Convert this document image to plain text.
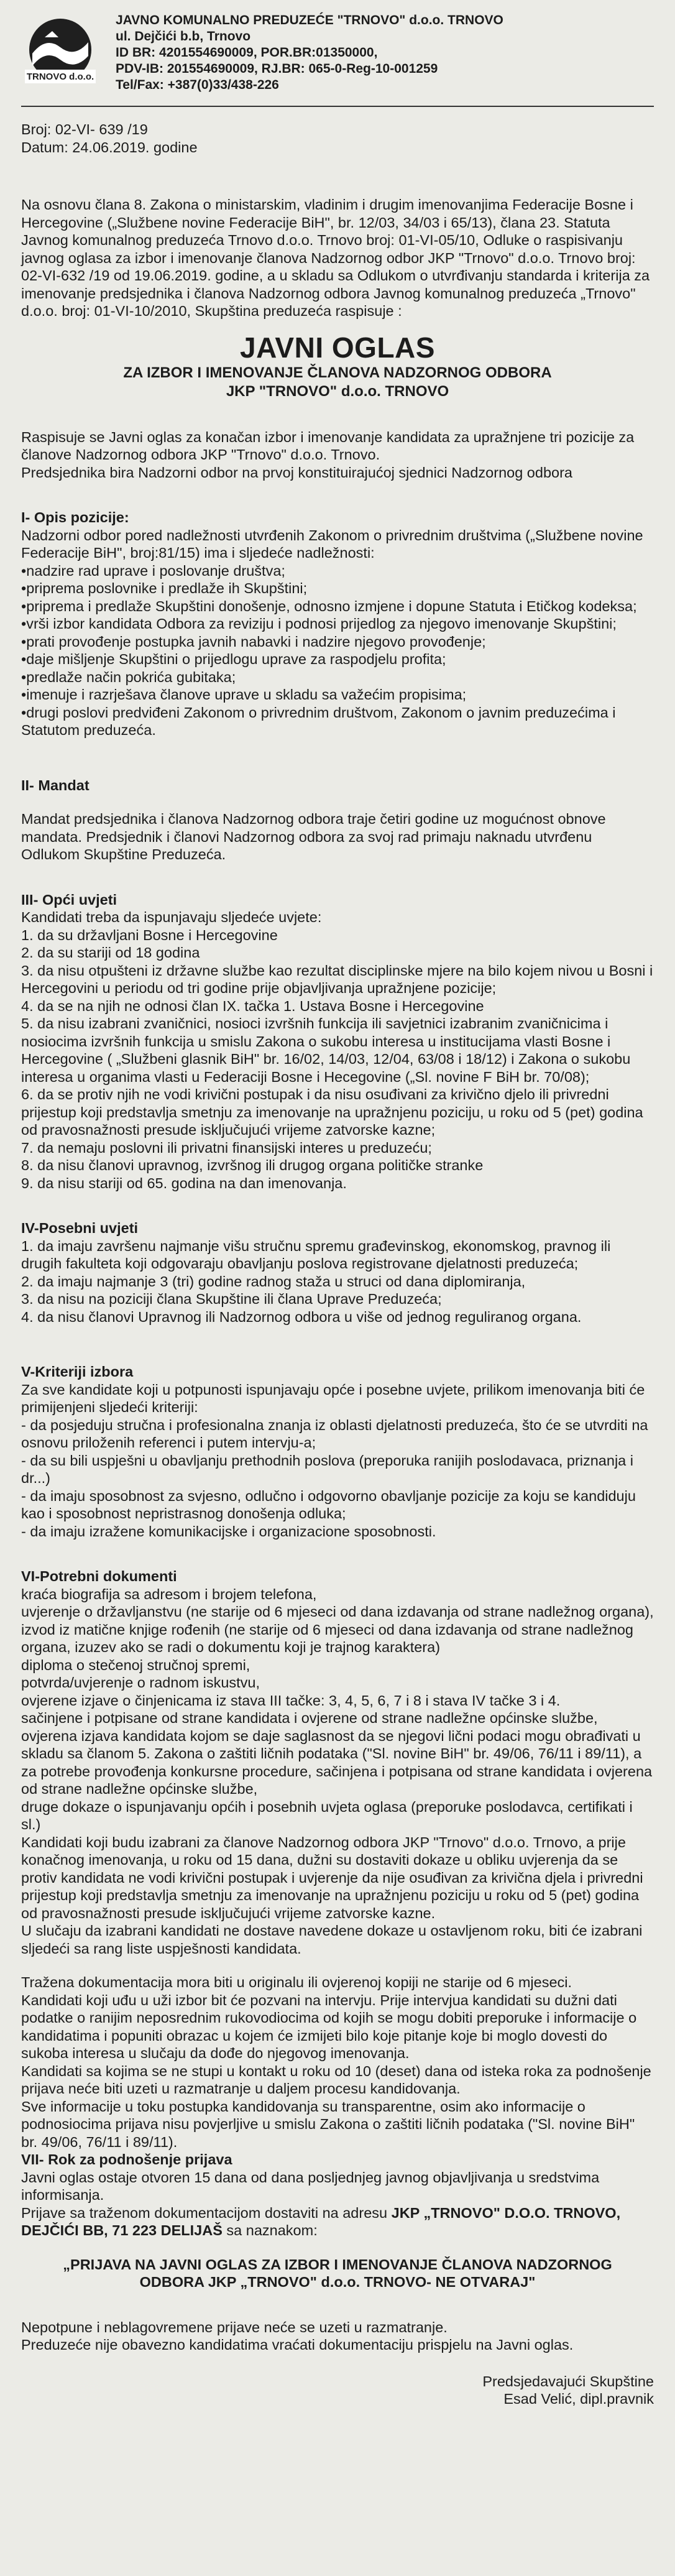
TRNOVO d.o.o.
JAVNO KOMUNALNO PREDUZEĆE "TRNOVO" d.o.o. TRNOVO
ul. Dejčići b.b, Trnovo
ID BR: 4201554690009, POR.BR:01350000,
PDV-IB: 201554690009, RJ.BR: 065-0-Reg-10-001259
Tel/Fax: +387(0)33/438-226
Broj: 02-VI- 639 /19
Datum: 24.06.2019. godine

Na osnovu člana 8. Zakona o ministarskim, vladinim i drugim imenovanjima Federacije Bosne i Hercegovine („Službene novine Federacije BiH", br. 12/03, 34/03 i 65/13), člana 23. Statuta Javnog komunalnog preduzeća Trnovo d.o.o. Trnovo broj: 01-VI-05/10, Odluke o raspisivanju javnog oglasa za izbor i imenovanje članova Nadzornog odbor JKP "Trnovo" d.o.o. Trnovo broj: 02-VI-632 /19 od 19.06.2019. godine, a u skladu sa Odlukom o utvrđivanju standarda i kriterija za imenovanje predsjednika i članova Nadzornog odbora Javnog komunalnog preduzeća „Trnovo" d.o.o. broj: 01-VI-10/2010, Skupština preduzeća raspisuje :

JAVNI OGLAS
ZA IZBOR I IMENOVANJE ČLANOVA NADZORNOG ODBORA
JKP "TRNOVO" d.o.o. TRNOVO

Raspisuje se Javni oglas za konačan izbor i imenovanje kandidata za upražnjene tri pozicije za članove Nadzornog odbora JKP "Trnovo" d.o.o. Trnovo.
Predsjednika bira Nadzorni odbor na prvoj konstituirajućoj sjednici Nadzornog odbora

I- Opis pozicije:

Nadzorni odbor pored nadležnosti utvrđenih Zakonom o privrednim društvima („Službene novine Federacije BiH", broj:81/15) ima i sljedeće nadležnosti:
•nadzire rad uprave i poslovanje društva;
•priprema poslovnike i predlaže ih Skupštini;
•priprema i predlaže Skupštini donošenje, odnosno izmjene i dopune Statuta i Etičkog kodeksa;
•vrši izbor kandidata Odbora za reviziju i podnosi prijedlog za njegovo imenovanje Skupštini;
•prati provođenje postupka javnih nabavki i nadzire njegovo provođenje;
•daje mišljenje Skupštini o prijedlogu uprave za raspodjelu profita;
•predlaže način pokrića gubitaka;
•imenuje i razrješava članove uprave u skladu sa važećim propisima;
•drugi poslovi predviđeni Zakonom o privrednim društvom, Zakonom o javnim preduzećima i Statutom preduzeća.

II- Mandat

Mandat predsjednika i članova Nadzornog odbora traje četiri godine uz mogućnost obnove mandata. Predsjednik i članovi Nadzornog odbora za svoj rad primaju naknadu utvrđenu Odlukom Skupštine Preduzeća.

III- Opći uvjeti

Kandidati treba da ispunjavaju sljedeće uvjete:
1. da su državljani Bosne i Hercegovine
2. da su stariji od 18 godina
3. da nisu otpušteni iz državne službe kao rezultat disciplinske mjere na bilo kojem nivou u Bosni i Hercegovini u periodu od tri godine prije objavljivanja upražnjene pozicije;
4. da se na njih ne odnosi član IX. tačka 1. Ustava Bosne i Hercegovine
5. da nisu izabrani zvaničnici, nosioci izvršnih funkcija ili savjetnici izabranim zvaničnicima i nosiocima izvršnih funkcija u smislu Zakona o sukobu interesa u institucijama vlasti Bosne i Hercegovine ( „Službeni glasnik BiH" br. 16/02, 14/03, 12/04, 63/08 i 18/12) i Zakona o sukobu interesa u organima vlasti u Federaciji Bosne i Hecegovine („Sl. novine F BiH br. 70/08);
6. da se protiv njih ne vodi krivični postupak i da nisu osuđivani za krivično djelo ili privredni prijestup koji predstavlja smetnju za imenovanje na upražnjenu poziciju, u roku od 5 (pet) godina od pravosnažnosti presude isključujući vrijeme zatvorske kazne;
7. da nemaju poslovni ili privatni finansijski interes u preduzeću;
8. da nisu članovi upravnog, izvršnog ili drugog organa političke stranke
9. da nisu stariji od 65. godina na dan imenovanja.

IV-Posebni uvjeti

1. da imaju završenu najmanje višu stručnu spremu građevinskog, ekonomskog, pravnog ili drugih fakulteta koji odgovaraju obavljanju poslova registrovane djelatnosti preduzeća;
2. da imaju najmanje 3 (tri) godine radnog staža u struci od dana diplomiranja,
3. da nisu na poziciji člana Skupštine ili člana Uprave Preduzeća;
4. da nisu članovi Upravnog ili Nadzornog odbora u više od jednog reguliranog organa.

V-Kriteriji izbora

Za sve kandidate koji u potpunosti ispunjavaju opće i posebne uvjete, prilikom imenovanja biti će primijenjeni sljedeći kriteriji:
- da posjeduju stručna i profesionalna znanja iz oblasti djelatnosti preduzeća, što će se utvrditi na osnovu priloženih referenci i putem intervju-a;
- da su bili uspješni u obavljanju prethodnih poslova (preporuka ranijih poslodavaca, priznanja i dr...)
- da imaju sposobnost za svjesno, odlučno i odgovorno obavljanje pozicije za koju se kandiduju kao i sposobnost nepristrasnog donošenja odluka;
- da imaju izražene komunikacijske i organizacione sposobnosti.

VI-Potrebni dokumenti

kraća biografija sa adresom i brojem telefona,
uvjerenje o državljanstvu (ne starije od 6 mjeseci od dana izdavanja od strane nadležnog organa),
izvod iz matične knjige rođenih (ne starije od 6 mjeseci od dana izdavanja od strane nadležnog organa, izuzev ako se radi o dokumentu koji je trajnog karaktera)
diploma o stečenoj stručnoj spremi,
potvrda/uvjerenje o radnom iskustvu,
ovjerene izjave o činjenicama iz stava III tačke: 3, 4, 5, 6, 7 i 8 i stava IV tačke 3 i 4.
sačinjene i potpisane od strane kandidata i ovjerene od strane nadležne općinske službe,
ovjerena izjava kandidata kojom se daje saglasnost da se njegovi lični podaci mogu obrađivati u skladu sa članom 5. Zakona o zaštiti ličnih podataka ("Sl. novine BiH" br. 49/06, 76/11 i 89/11), a za potrebe provođenja konkursne procedure, sačinjena i potpisana od strane kandidata i ovjerena od strane nadležne općinske službe,
druge dokaze o ispunjavanju općih i posebnih uvjeta oglasa (preporuke poslodavca, certifikati i sl.)
Kandidati koji budu izabrani za članove Nadzornog odbora JKP "Trnovo" d.o.o. Trnovo, a prije konačnog imenovanja, u roku od 15 dana, dužni su dostaviti dokaze u obliku uvjerenja da se protiv kandidata ne vodi krivični postupak i uvjerenje da nije osuđivan za krivična djela i privredni prijestup koji predstavlja smetnju za imenovanje na upražnjenu poziciju u roku od 5 (pet) godina od pravosnažnosti presude isključujući vrijeme zatvorske kazne.
U slučaju da izabrani kandidati ne dostave navedene dokaze u ostavljenom roku, biti će izabrani sljedeći sa rang liste uspješnosti kandidata.

Tražena dokumentacija mora biti u originalu ili ovjerenoj kopiji ne starije od 6 mjeseci.
Kandidati koji uđu u uži izbor bit će pozvani na intervju. Prije intervjua kandidati su dužni dati podatke o ranijim neposrednim rukovodiocima od kojih se mogu dobiti preporuke i informacije o kandidatima i popuniti obrazac u kojem će izmijeti bilo koje pitanje koje bi moglo dovesti do sukoba interesa u slučaju da dođe do njegovog imenovanja.
Kandidati sa kojima se ne stupi u kontakt u roku od 10 (deset) dana od isteka roka za podnošenje prijava neće biti uzeti u razmatranje u daljem procesu kandidovanja.
Sve informacije u toku postupka kandidovanja su transparentne, osim ako informacije o podnosiocima prijava nisu povjerljive u smislu Zakona o zaštiti ličnih podataka ("Sl. novine BiH" br. 49/06, 76/11 i 89/11).

VII- Rok za podnošenje prijava

Javni oglas ostaje otvoren 15 dana od dana posljednjeg javnog objavljivanja u sredstvima informisanja.

Prijave sa traženom dokumentacijom dostaviti na adresu JKP „TRNOVO" D.O.O. TRNOVO, DEJČIĆI BB, 71 223 DELIJAŠ sa naznakom:

„PRIJAVA NA JAVNI OGLAS ZA IZBOR I IMENOVANJE ČLANOVA NADZORNOG
ODBORA JKP „TRNOVO" d.o.o. TRNOVO- NE OTVARAJ"

Nepotpune i neblagovremene prijave neće se uzeti u razmatranje.
Preduzeće nije obavezno kandidatima vraćati dokumentaciju prispjelu na Javni oglas.

Predsjedavajući Skupštine
Esad Velić, dipl.pravnik
